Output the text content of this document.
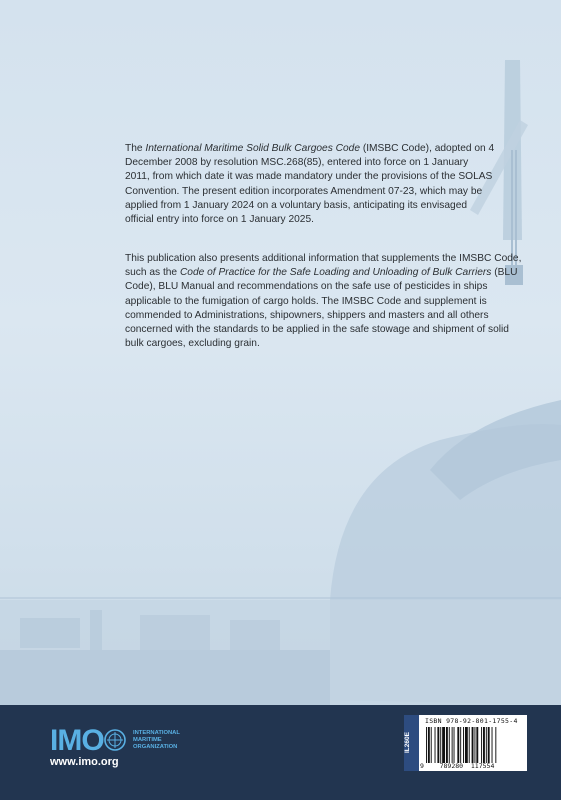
The International Maritime Solid Bulk Cargoes Code (IMSBC Code), adopted on 4 December 2008 by resolution MSC.268(85), entered into force on 1 January 2011, from which date it was made mandatory under the provisions of the SOLAS Convention. The present edition incorporates Amendment 07-23, which may be applied from 1 January 2024 on a voluntary basis, anticipating its envisaged official entry into force on 1 January 2025.

This publication also presents additional information that supplements the IMSBC Code, such as the Code of Practice for the Safe Loading and Unloading of Bulk Carriers (BLU Code), BLU Manual and recommendations on the safe use of pesticides in ships applicable to the fumigation of cargo holds. The IMSBC Code and supplement is commended to Administrations, shipowners, shippers and masters and all others concerned with the standards to be applied in the safe stowage and shipment of solid bulk cargoes, excluding grain.

IMO	INTERNATIONAL
MARITIME
ORGANIZATION
www.imo.org
IL260E
ISBN 978-92-801-1755-4
9 789280 117554
